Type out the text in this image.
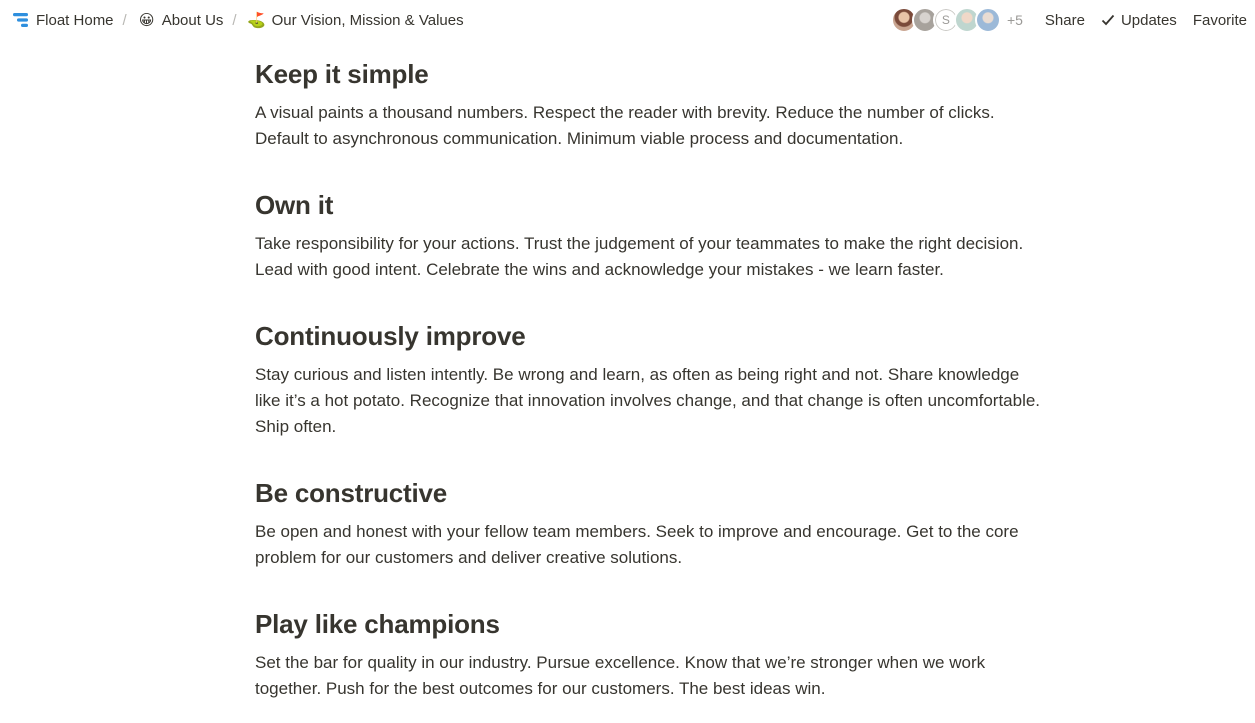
Float Home / 😀 About Us / ⛳ Our Vision, Mission & Values	S	+5 Share Updates Favorite
Keep it simple

A visual paints a thousand numbers. Respect the reader with brevity. Reduce the number of clicks. Default to asynchronous communication. Minimum viable process and documentation.

Own it

Take responsibility for your actions. Trust the judgement of your teammates to make the right decision. Lead with good intent. Celebrate the wins and acknowledge your mistakes - we learn faster.

Continuously improve

Stay curious and listen intently. Be wrong and learn, as often as being right and not. Share knowledge like it’s a hot potato. Recognize that innovation involves change, and that change is often uncomfortable. Ship often.

Be constructive

Be open and honest with your fellow team members. Seek to improve and encourage. Get to the core problem for our customers and deliver creative solutions.

Play like champions

Set the bar for quality in our industry. Pursue excellence. Know that we’re stronger when we work together. Push for the best outcomes for our customers. The best ideas win.
